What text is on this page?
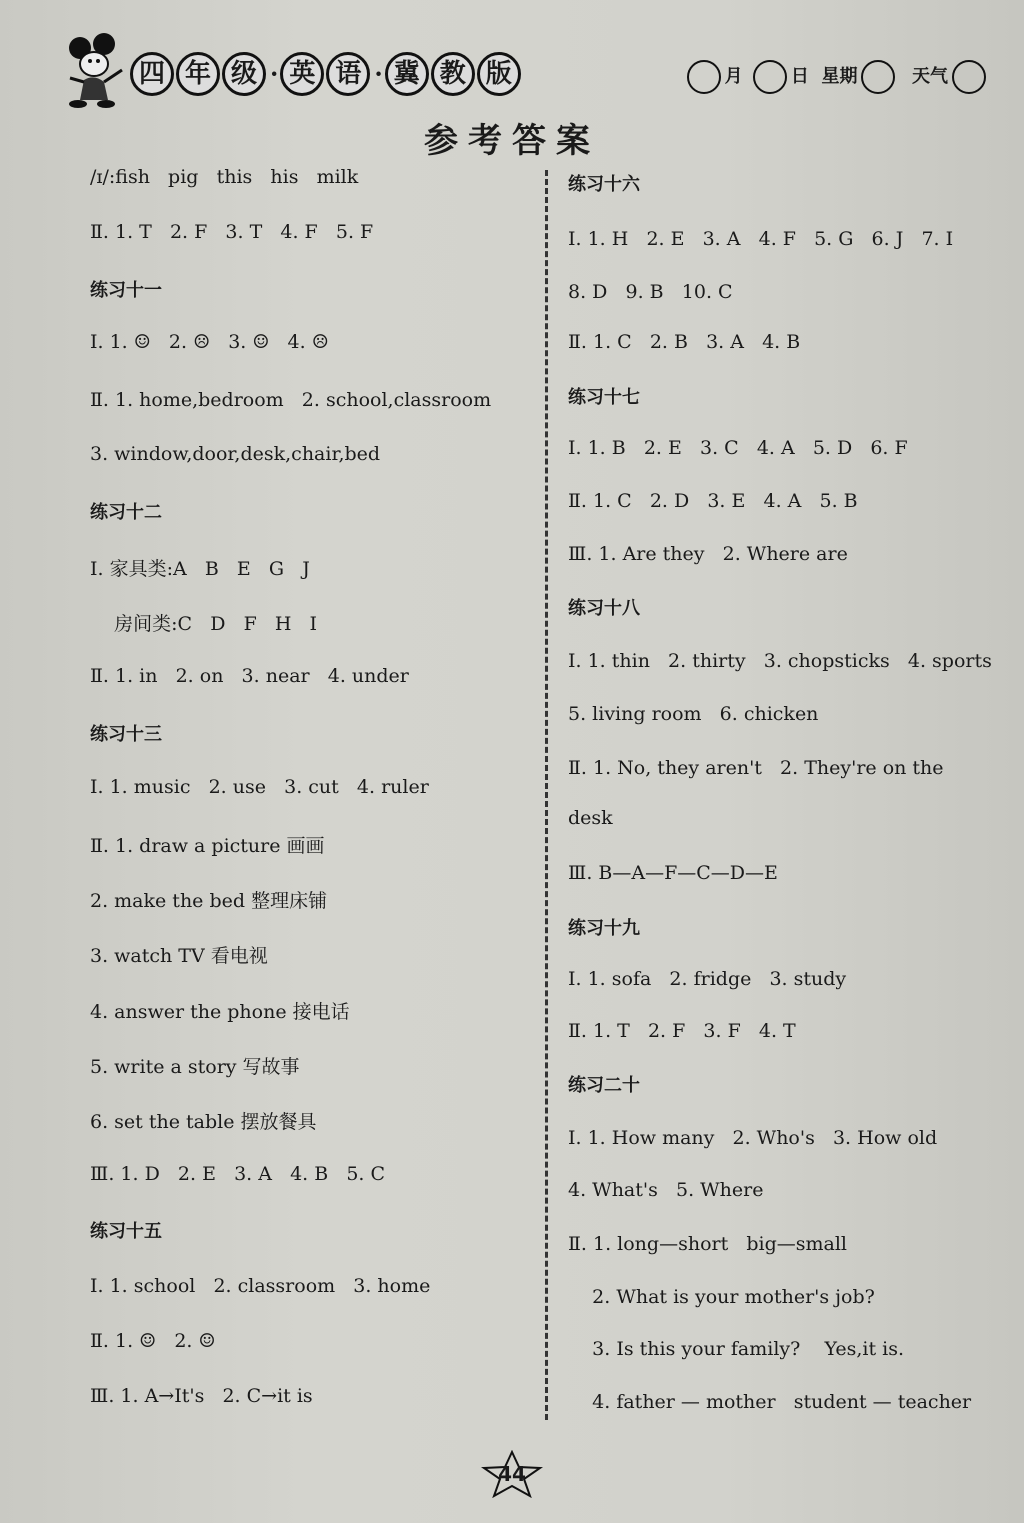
四 年 级 · 英 语 · 冀 教 版	月	日 星期	天气
参考答案
/ɪ/:fish   pig   this   his   milk
Ⅱ. 1. T   2. F   3. T   4. F   5. F
练习十一
Ⅰ. 1. ☺   2. ☹   3. ☺   4. ☹
Ⅱ. 1. home,bedroom   2. school,classroom
3. window,door,desk,chair,bed
练习十二
Ⅰ. 家具类:A   B   E   G   J
房间类:C   D   F   H   I
Ⅱ. 1. in   2. on   3. near   4. under
练习十三
Ⅰ. 1. music   2. use   3. cut   4. ruler
Ⅱ. 1. draw a picture 画画
2. make the bed 整理床铺
3. watch TV 看电视
4. answer the phone 接电话
5. write a story 写故事
6. set the table 摆放餐具
Ⅲ. 1. D   2. E   3. A   4. B   5. C
练习十五
Ⅰ. 1. school   2. classroom   3. home
Ⅱ. 1. ☺   2. ☺
Ⅲ. 1. A→It's   2. C→it is
练习十六
Ⅰ. 1. H   2. E   3. A   4. F   5. G   6. J   7. I
8. D   9. B   10. C
Ⅱ. 1. C   2. B   3. A   4. B
练习十七
Ⅰ. 1. B   2. E   3. C   4. A   5. D   6. F
Ⅱ. 1. C   2. D   3. E   4. A   5. B
Ⅲ. 1. Are they   2. Where are
练习十八
Ⅰ. 1. thin   2. thirty   3. chopsticks   4. sports
5. living room   6. chicken
Ⅱ. 1. No, they aren't   2. They're on the
desk
Ⅲ. B—A—F—C—D—E
练习十九
Ⅰ. 1. sofa   2. fridge   3. study
Ⅱ. 1. T   2. F   3. F   4. T
练习二十
Ⅰ. 1. How many   2. Who's   3. How old
4. What's   5. Where
Ⅱ. 1. long—short   big—small
2. What is your mother's job?
3. Is this your family?    Yes,it is.
4. father — mother   student — teacher
44
